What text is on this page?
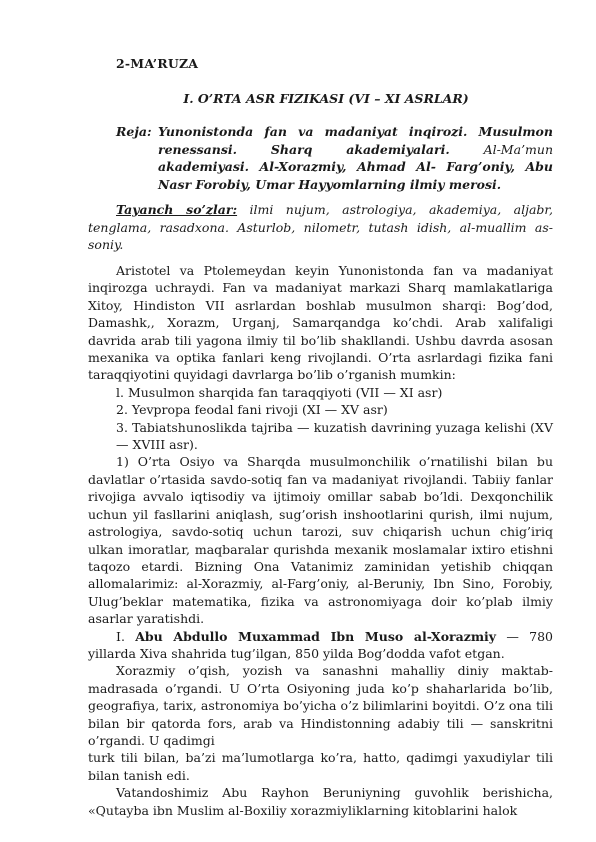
2-MA’RUZA
I. O’RTA ASR FIZIKASI (VI – XI ASRLAR)
Reja: Yunonistonda fan va madaniyat inqirozi. Musulmon renessansi. Sharq akademiyalari. Al-Ma’mun akademiyasi. Al-Xorazmiy, Ahmad Al- Farg’oniy, Abu Nasr Forobiy, Umar Hayyomlarning ilmiy merosi.
Tayanch so’zlar: ilmi nujum, astrologiya, akademiya, aljabr, tenglama, rasadxona. Asturlob, nilometr, tutash idish, al-muallim as-soniy.

Aristotel va Ptolemeydan keyin Yunonistonda fan va madaniyat inqirozga uchraydi. Fan va madaniyat markazi Sharq mamlakatlariga Xitoy, Hindiston VII asrlardan boshlab musulmon sharqi: Bog’dod, Damashk,, Xorazm, Urganj, Samarqandga ko’chdi. Arab xalifaligi davrida arab tili yagona ilmiy til bo’lib shakllandi. Ushbu davrda asosan mexanika va optika fanlari keng rivojlandi. O’rta asrlardagi fizika fani taraqqiyotini quyidagi davrlarga bo’lib o’rganish mumkin:

l. Musulmon sharqida fan taraqqiyoti (VII — XI asr)

2. Yevpropa feodal fani rivoji (XI — XV asr)

3. Tabiatshunoslikda tajriba — kuzatish davrining yuzaga kelishi (XV— XVIII asr).

1) O’rta Osiyo va Sharqda musulmonchilik o’rnatilishi bilan bu davlatlar o’rtasida savdo-sotiq fan va madaniyat rivojlandi. Tabiiy fanlar rivojiga avvalo iqtisodiy va ijtimoiy omillar sabab bo’ldi. Dexqonchilik uchun yil fasllarini aniqlash, sug’orish inshootlarini qurish, ilmi nujum, astrologiya, savdo-sotiq uchun tarozi, suv chiqarish uchun chig’iriq ulkan imoratlar, maqbaralar qurishda mexanik moslamalar ixtiro etishni taqozo etardi. Bizning Ona Vatanimiz zaminidan yetishib chiqqan allomalarimiz: al-Xorazmiy, al-Farg’oniy, al-Beruniy, Ibn Sino, Forobiy, Ulug’beklar matematika, fizika va astronomiyaga doir ko’plab ilmiy asarlar yaratishdi.

I. Abu Abdullo Muxammad Ibn Muso al-Xorazmiy — 780 yillarda Xiva shahrida tug’ilgan, 850 yilda Bog’dodda vafot etgan.

Xorazmiy o’qish, yozish va sanashni mahalliy diniy maktab-madrasada o’rgandi. U O’rta Osiyoning juda ko’p shaharlarida bo’lib, geografiya, tarix, astronomiya bo’yicha o’z bilimlarini boyitdi. O’z ona tili bilan bir qatorda fors, arab va Hindistonning adabiy tili — sanskritni o’rgandi. U qadimgi

turk tili bilan, ba’zi ma’lumotlarga ko’ra, hatto, qadimgi yaxudiylar tili bilan tanish edi.

Vatandoshimiz Abu Rayhon Beruniyning guvohlik berishicha, «Qutayba ibn Muslim al-Boxiliy xorazmiyliklarning kitoblarini halok
